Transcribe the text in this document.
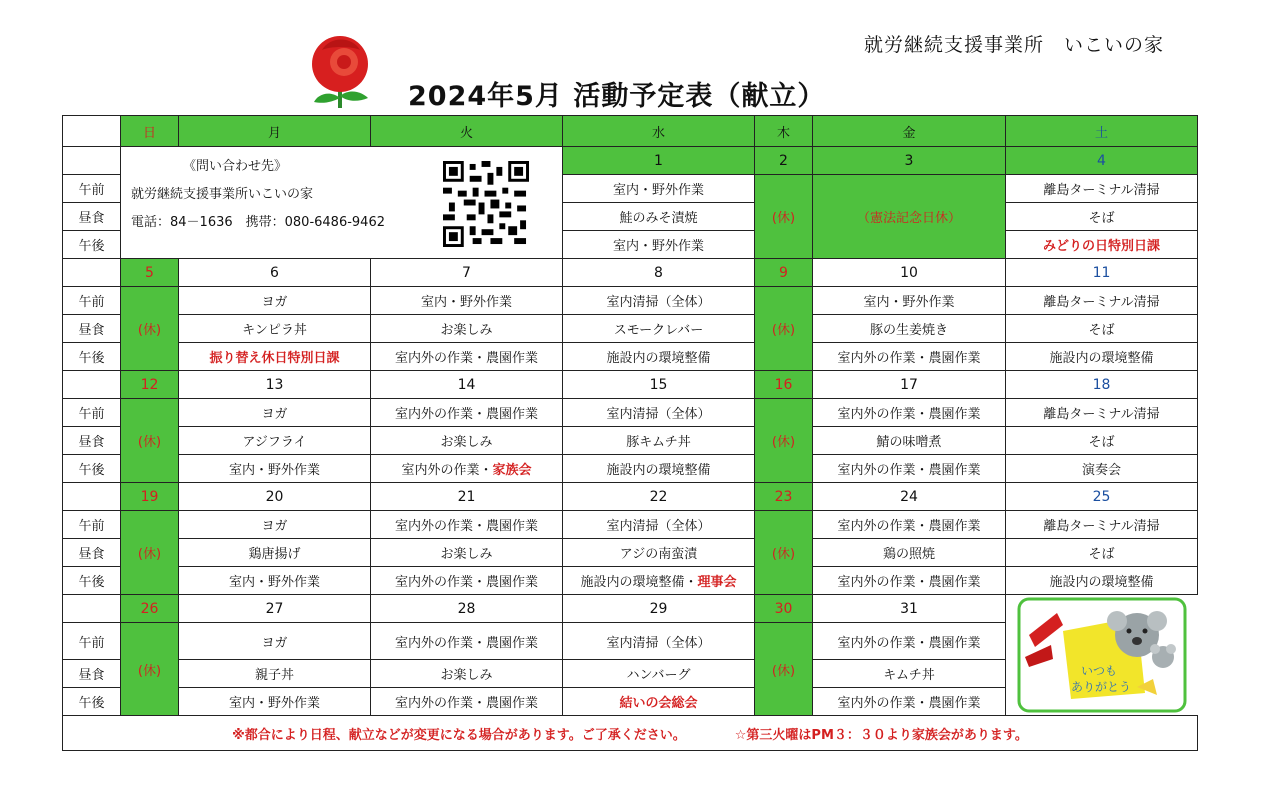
就労継続支援事業所　いこいの家
2024年5月 活動予定表（献立）
	日	月	火	水	木	金	土

	《問い合わせ先》
就労継続支援事業所いこいの家
電話：84－1636　携帯：080-6486-9462			1	2	3	4
午前				室内・野外作業	(休)	（憲法記念日休）	離島ターミナル清掃
昼食				鮭のみそ漬焼			そば
午後				室内・野外作業			みどりの日特別日課
	5	6	7	8	9	10	11
午前	(休)	ヨガ	室内・野外作業	室内清掃（全体）	(休)	室内・野外作業	離島ターミナル清掃
昼食		キンピラ丼	お楽しみ	スモークレバー		豚の生姜焼き	そば
午後		振り替え休日特別日課	室内外の作業・農園作業	施設内の環境整備		室内外の作業・農園作業	施設内の環境整備
	12	13	14	15	16	17	18
午前	(休)	ヨガ	室内外の作業・農園作業	室内清掃（全体）	(休)	室内外の作業・農園作業	離島ターミナル清掃
昼食		アジフライ	お楽しみ	豚キムチ丼		鯖の味噌煮	そば
午後		室内・野外作業	室内外の作業・家族会	施設内の環境整備		室内外の作業・農園作業	演奏会
	19	20	21	22	23	24	25
午前	(休)	ヨガ	室内外の作業・農園作業	室内清掃（全体）	(休)	室内外の作業・農園作業	離島ターミナル清掃
昼食		鶏唐揚げ	お楽しみ	アジの南蛮漬		鶏の照焼	そば
午後		室内・野外作業	室内外の作業・農園作業	施設内の環境整備・理事会		室内外の作業・農園作業	施設内の環境整備
	26	27	28	29	30	31	いつも
ありがとう

午前	(休)	ヨガ	室内外の作業・農園作業	室内清掃（全体）	(休)	室内外の作業・農園作業	
昼食		親子丼	お楽しみ	ハンバーグ		キムチ丼	
午後		室内・野外作業	室内外の作業・農園作業	結いの会総会		室内外の作業・農園作業	
※都合により日程、献立などが変更になる場合があります。ご了承ください。 ☆第三火曜はPM３：３０より家族会があります。							
